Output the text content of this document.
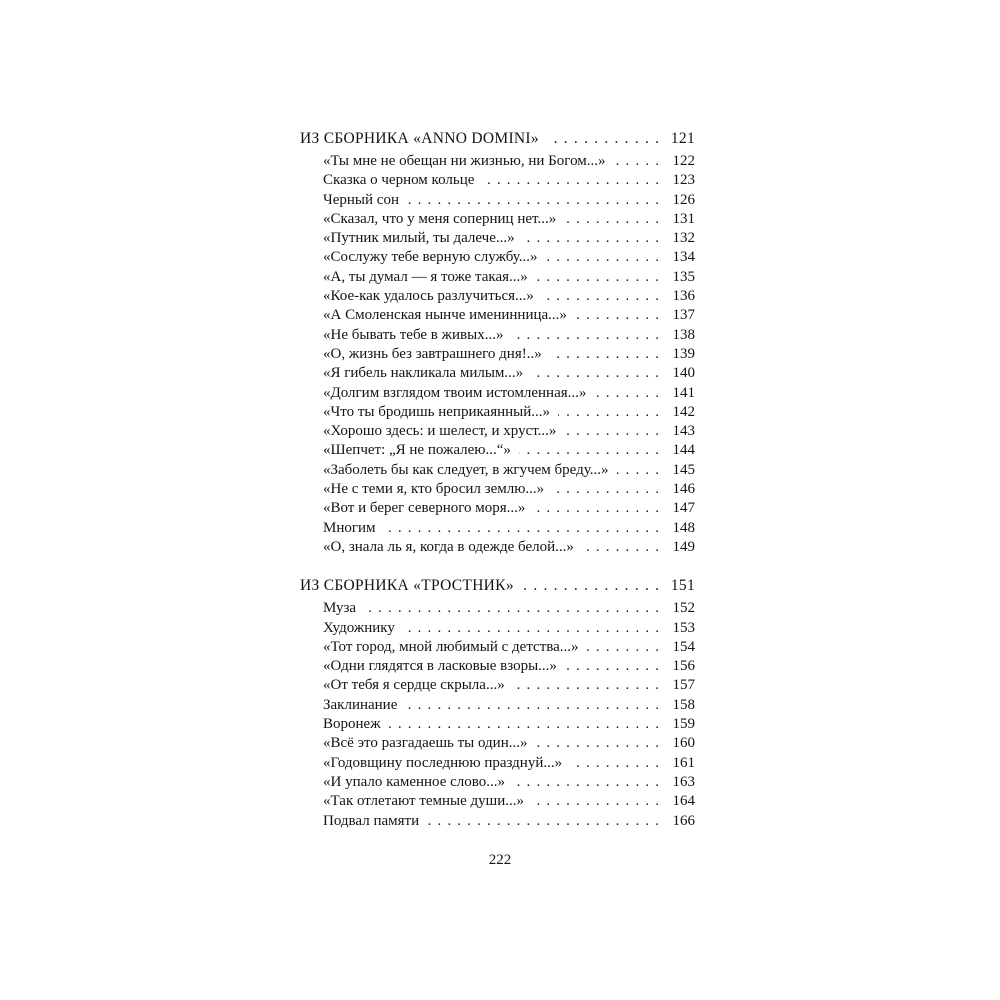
ИЗ СБОРНИКА «ANNO DOMINI» . . .	121
«Ты мне не обещан ни жизнью, ни Богом...» . . .	122
Сказка о черном кольце . . .	123
Черный сон . . .	126
«Сказал, что у меня соперниц нет...» . . .	131
«Путник милый, ты далече...» . . .	132
«Сослужу тебе верную службу...» . . .	134
«А, ты думал — я тоже такая...» . . .	135
«Кое-как удалось разлучиться...» . . .	136
«А Смоленская нынче именинница...» . . .	137
«Не бывать тебе в живых...» . . .	138
«О, жизнь без завтрашнего дня!..» . . .	139
«Я гибель накликала милым...» . . .	140
«Долгим взглядом твоим истомленная...» . . .	141
«Что ты бродишь неприкаянный...» . . .	142
«Хорошо здесь: и шелест, и хруст...» . . .	143
«Шепчет: „Я не пожалею...“» . . .	144
«Заболеть бы как следует, в жгучем бреду...» . . .	145
«Не с теми я, кто бросил землю...» . . .	146
«Вот и берег северного моря...» . . .	147
Многим . . .	148
«О, знала ль я, когда в одежде белой...» . . .	149
ИЗ СБОРНИКА «ТРОСТНИК» . . .	151
Муза . . .	152
Художнику . . .	153
«Тот город, мной любимый с детства...» . . .	154
«Одни глядятся в ласковые взоры...» . . .	156
«От тебя я сердце скрыла...» . . .	157
Заклинание . . .	158
Воронеж . . .	159
«Всё это разгадаешь ты один...» . . .	160
«Годовщину последнюю празднуй...» . . .	161
«И упало каменное слово...» . . .	163
«Так отлетают темные души...» . . .	164
Подвал памяти . . .	166
222
